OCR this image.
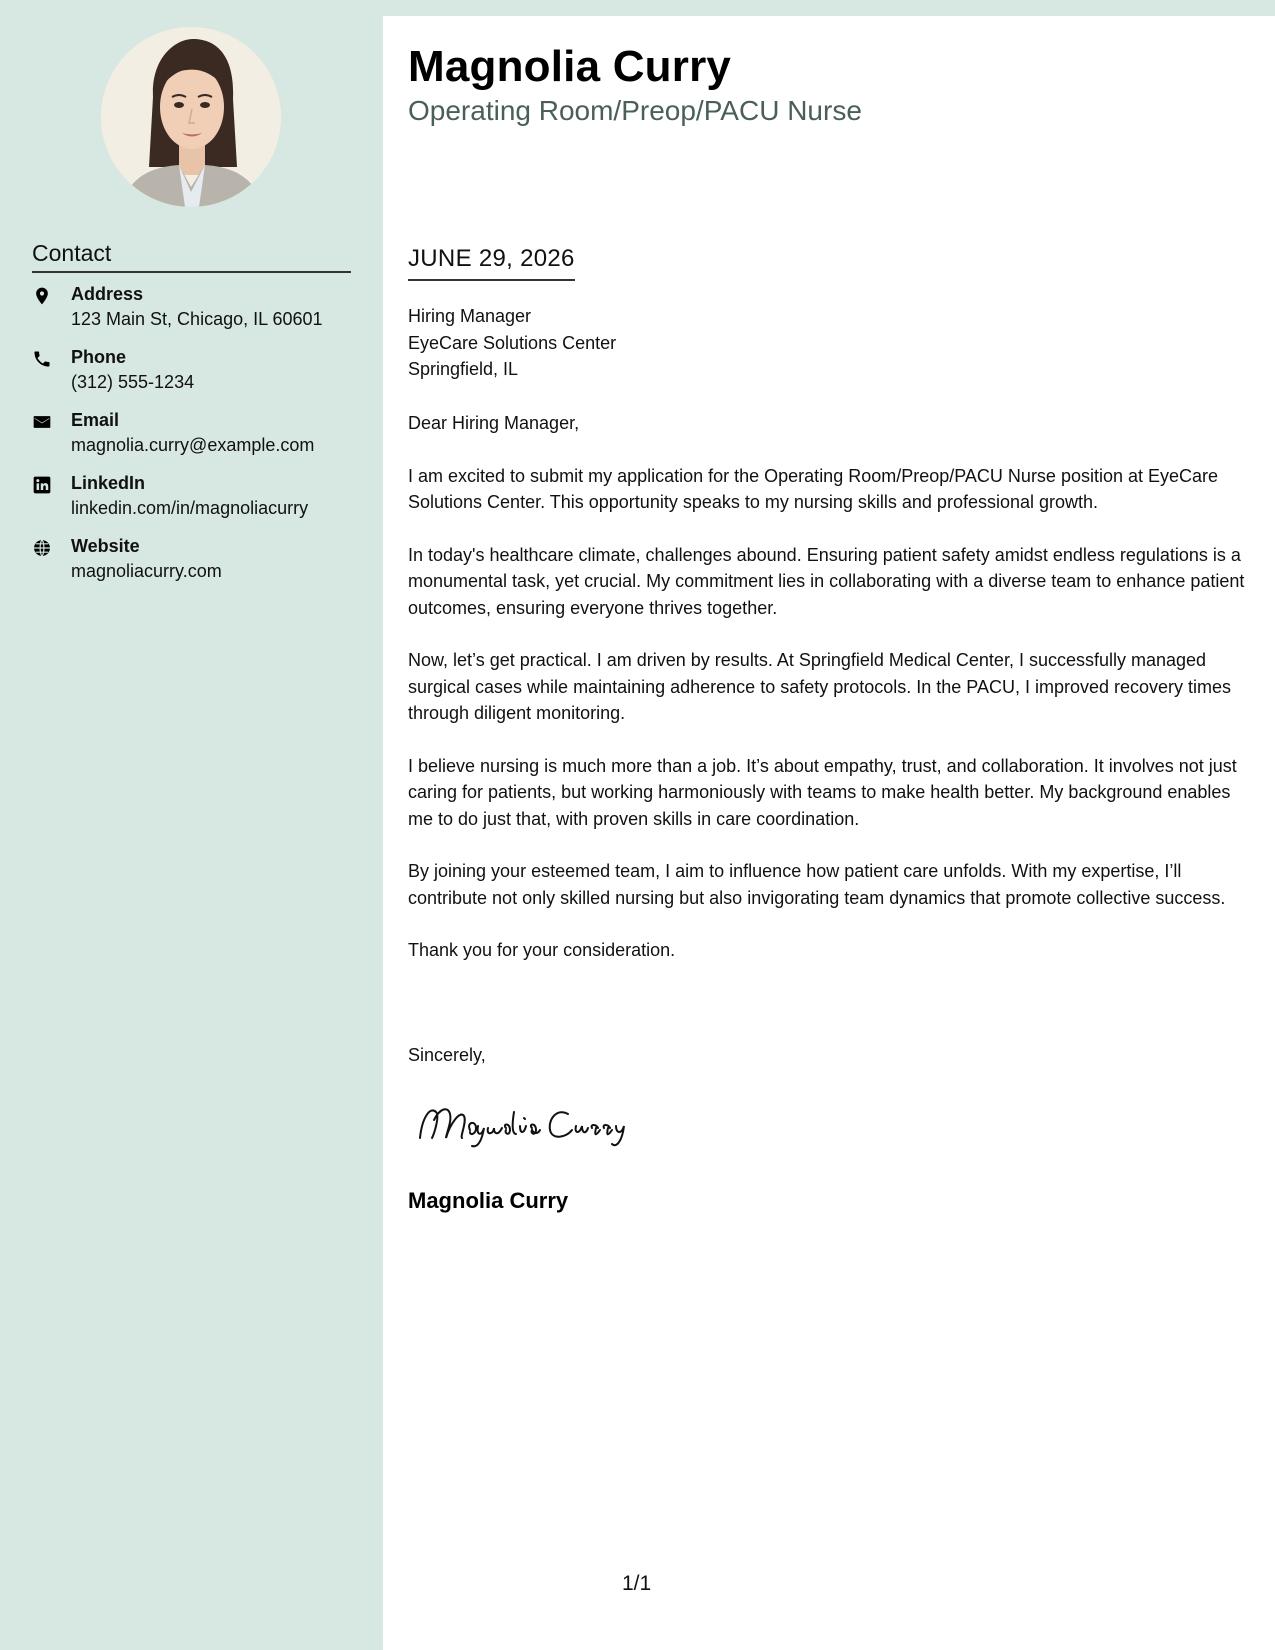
Contact
Address
123 Main St, Chicago, IL 60601
Phone
(312) 555-1234
Email
magnolia.curry@example.com
LinkedIn
linkedin.com/in/magnoliacurry
Website
magnoliacurry.com
Magnolia Curry
Operating Room/Preop/PACU Nurse
JUNE 29, 2026
Hiring Manager
EyeCare Solutions Center
Springfield, IL

Dear Hiring Manager,

I am excited to submit my application for the Operating Room/Preop/PACU Nurse position at EyeCare Solutions Center. This opportunity speaks to my nursing skills and professional growth.

In today's healthcare climate, challenges abound. Ensuring patient safety amidst endless regulations is a monumental task, yet crucial. My commitment lies in collaborating with a diverse team to enhance patient outcomes, ensuring everyone thrives together.

Now, let’s get practical. I am driven by results. At Springfield Medical Center, I successfully managed surgical cases while maintaining adherence to safety protocols. In the PACU, I improved recovery times through diligent monitoring.

I believe nursing is much more than a job. It’s about empathy, trust, and collaboration. It involves not just caring for patients, but working harmoniously with teams to make health better. My background enables me to do just that, with proven skills in care coordination.

By joining your esteemed team, I aim to influence how patient care unfolds. With my expertise, I’ll contribute not only skilled nursing but also invigorating team dynamics that promote collective success.

Thank you for your consideration.

Sincerely,
Magnolia Curry
1/1
